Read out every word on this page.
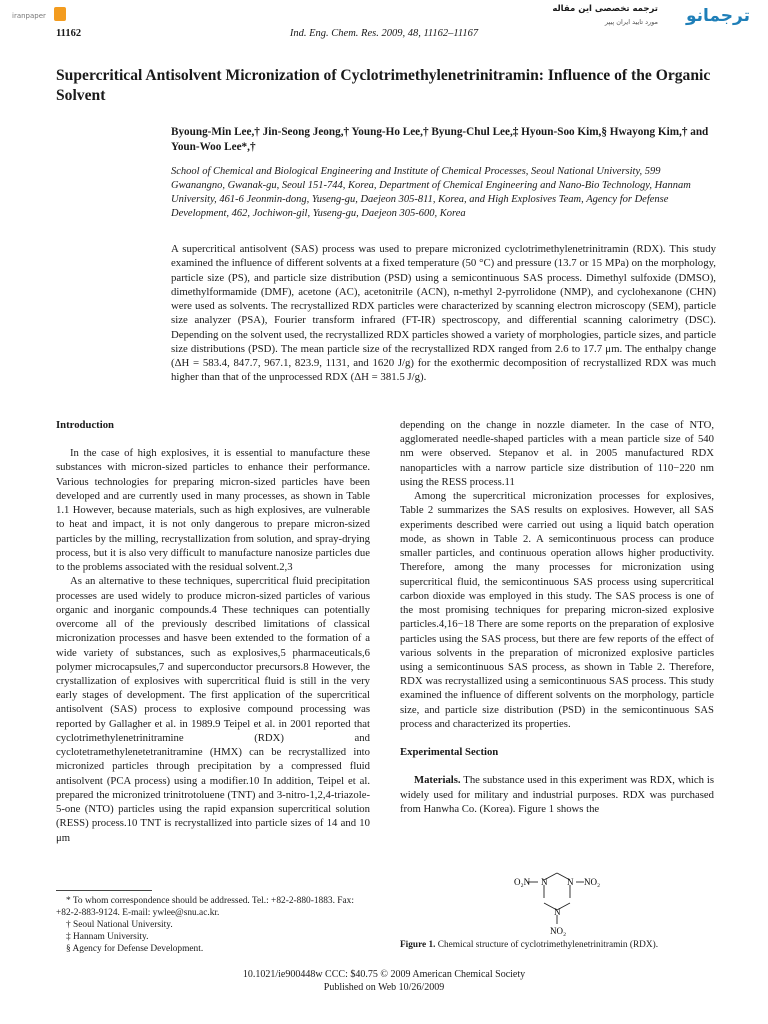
iranpaper
ترجمه تخصصی این مقاله
مورد تایید ایران پیپر ترجمانو
Ind. Eng. Chem. Res. 2009, 48, 11162–11167
11162
Supercritical Antisolvent Micronization of Cyclotrimethylenetrinitramin: Influence of the Organic Solvent
Byoung-Min Lee,† Jin-Seong Jeong,† Young-Ho Lee,† Byung-Chul Lee,‡ Hyoun-Soo Kim,§ Hwayong Kim,† and Youn-Woo Lee*,†
School of Chemical and Biological Engineering and Institute of Chemical Processes, Seoul National University, 599 Gwanangno, Gwanak-gu, Seoul 151-744, Korea, Department of Chemical Engineering and Nano-Bio Technology, Hannam University, 461-6 Jeonmin-dong, Yuseng-gu, Daejeon 305-811, Korea, and High Explosives Team, Agency for Defense Development, 462, Jochiwon-gil, Yuseng-gu, Daejeon 305-600, Korea
A supercritical antisolvent (SAS) process was used to prepare micronized cyclotrimethylenetrinitramin (RDX). This study examined the influence of different solvents at a fixed temperature (50 °C) and pressure (13.7 or 15 MPa) on the morphology, particle size (PS), and particle size distribution (PSD) using a semicontinuous SAS process. Dimethyl sulfoxide (DMSO), dimethylformamide (DMF), acetone (AC), acetonitrile (ACN), n-methyl 2-pyrrolidone (NMP), and cyclohexanone (CHN) were used as solvents. The recrystallized RDX particles were characterized by scanning electron microscopy (SEM), particle size analyzer (PSA), Fourier transform infrared (FT-IR) spectroscopy, and differential scanning calorimetry (DSC). Depending on the solvent used, the recrystallized RDX particles showed a variety of morphologies, particle sizes, and particle size distributions (PSD). The mean particle size of the recrystallized RDX ranged from 2.6 to 17.7 μm. The enthalpy change (ΔH = 583.4, 847.7, 967.1, 823.9, 1131, and 1620 J/g) for the exothermic decomposition of recrystallized RDX was much higher than that of the unprocessed RDX (ΔH = 381.5 J/g).
Introduction

In the case of high explosives, it is essential to manufacture these substances with micron-sized particles to enhance their performance. Various technologies for preparing micron-sized particles have been developed and are currently used in many processes, as shown in Table 1.1 However, because materials, such as high explosives, are vulnerable to heat and impact, it is not only dangerous to prepare micron-sized particles by the milling, recrystallization from solution, and spray-drying process, but it is also very difficult to manufacture nanosize particles due to the problems associated with the residual solvent.2,3

As an alternative to these techniques, supercritical fluid precipitation processes are used widely to produce micron-sized particles of various organic and inorganic compounds.4 These techniques can potentially overcome all of the previously described limitations of classical micronization processes and hasve been extended to the formation of a wide variety of substances, such as explosives,5 pharmaceuticals,6 polymer microcapsules,7 and superconductor precursors.8 However, the crystallization of explosives with supercritical fluid is still in the very early stages of development. The first application of the supercritical antisolvent (SAS) process to explosive compound processing was reported by Gallagher et al. in 1989.9 Teipel et al. in 2001 reported that cyclotrimethylenetrinitramine (RDX) and cyclotetramethylenetetranitramine (HMX) can be recrystallized into micronized particles through precipitation by a compressed fluid antisolvent (PCA process) using a modifier.10 In addition, Teipel et al. prepared the micronized trinitrotoluene (TNT) and 3-nitro-1,2,4-triazole-5-one (NTO) particles using the rapid expansion supercritical solution (RESS) process.10 TNT is recrystallized into particle sizes of 14 and 10 μm

* To whom correspondence should be addressed. Tel.: +82-2-880-1883. Fax: +82-2-883-9124. E-mail: ywlee@snu.ac.kr.

† Seoul National University.

‡ Hannam University.

§ Agency for Defense Development.

depending on the change in nozzle diameter. In the case of NTO, agglomerated needle-shaped particles with a mean particle size of 540 nm were observed. Stepanov et al. in 2005 manufactured RDX nanoparticles with a narrow particle size distribution of 110−220 nm using the RESS process.11

Among the supercritical micronization processes for explosives, Table 2 summarizes the SAS results on explosives. However, all SAS experiments described were carried out using a liquid batch operation mode, as shown in Table 2. A semicontinuous process can produce smaller particles, and continuous operation allows higher productivity. Therefore, among the many processes for micronization using supercritical fluid, the semicontinuous SAS process using supercritical carbon dioxide was employed in this study. The SAS process is one of the most promising techniques for preparing micron-sized explosive particles.4,16−18 There are some reports on the preparation of explosive particles using the SAS process, but there are few reports of the effect of various solvents in the preparation of micronized explosive particles using a semicontinuous SAS process, as shown in Table 2. Therefore, RDX was recrystallized using a semicontinuous SAS process. This study examined the influence of different solvents on the morphology, particle size, and particle size distribution (PSD) in the semicontinuous SAS process and characterized its properties.

Experimental Section

Materials. The substance used in this experiment was RDX, which is widely used for military and industrial purposes. RDX was purchased from Hanwha Co. (Korea). Figure 1 shows the

N N
N
O₂N	NO₂
NO₂
Figure 1. Chemical structure of cyclotrimethylenetrinitramin (RDX).
10.1021/ie900448w CCC: $40.75 © 2009 American Chemical Society
Published on Web 10/26/2009
